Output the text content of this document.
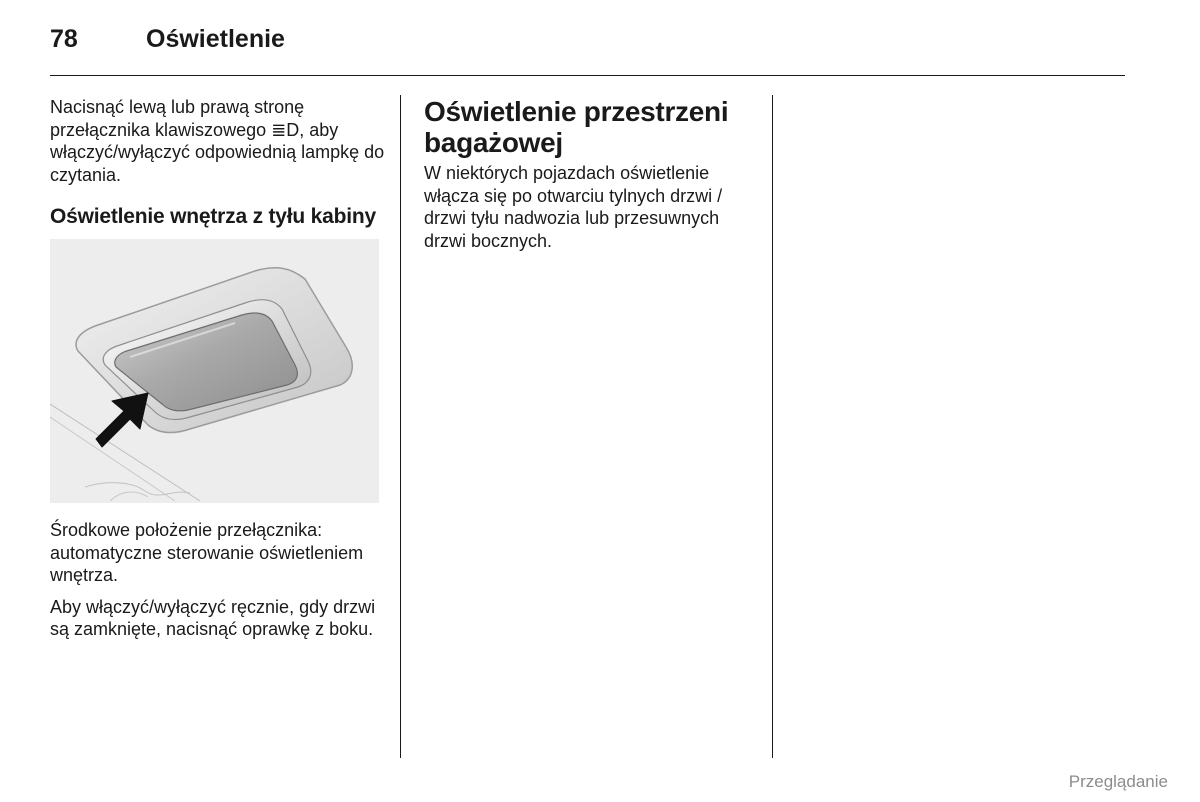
78	Oświetlenie

Nacisnąć lewą lub prawą stronę przełącznika klawiszowego ≣D, aby włączyć/wyłączyć odpowiednią lampkę do czytania.

Oświetlenie wnętrza z tyłu kabiny

Środkowe położenie przełącznika: automatyczne sterowanie oświetleniem wnętrza.

Aby włączyć/wyłączyć ręcznie, gdy drzwi są zamknięte, nacisnąć oprawkę z boku.

Oświetlenie przestrzeni bagażowej

W niektórych pojazdach oświetlenie włącza się po otwarciu tylnych drzwi / drzwi tyłu nadwozia lub przesuwnych drzwi bocznych.

Przeglądanie
